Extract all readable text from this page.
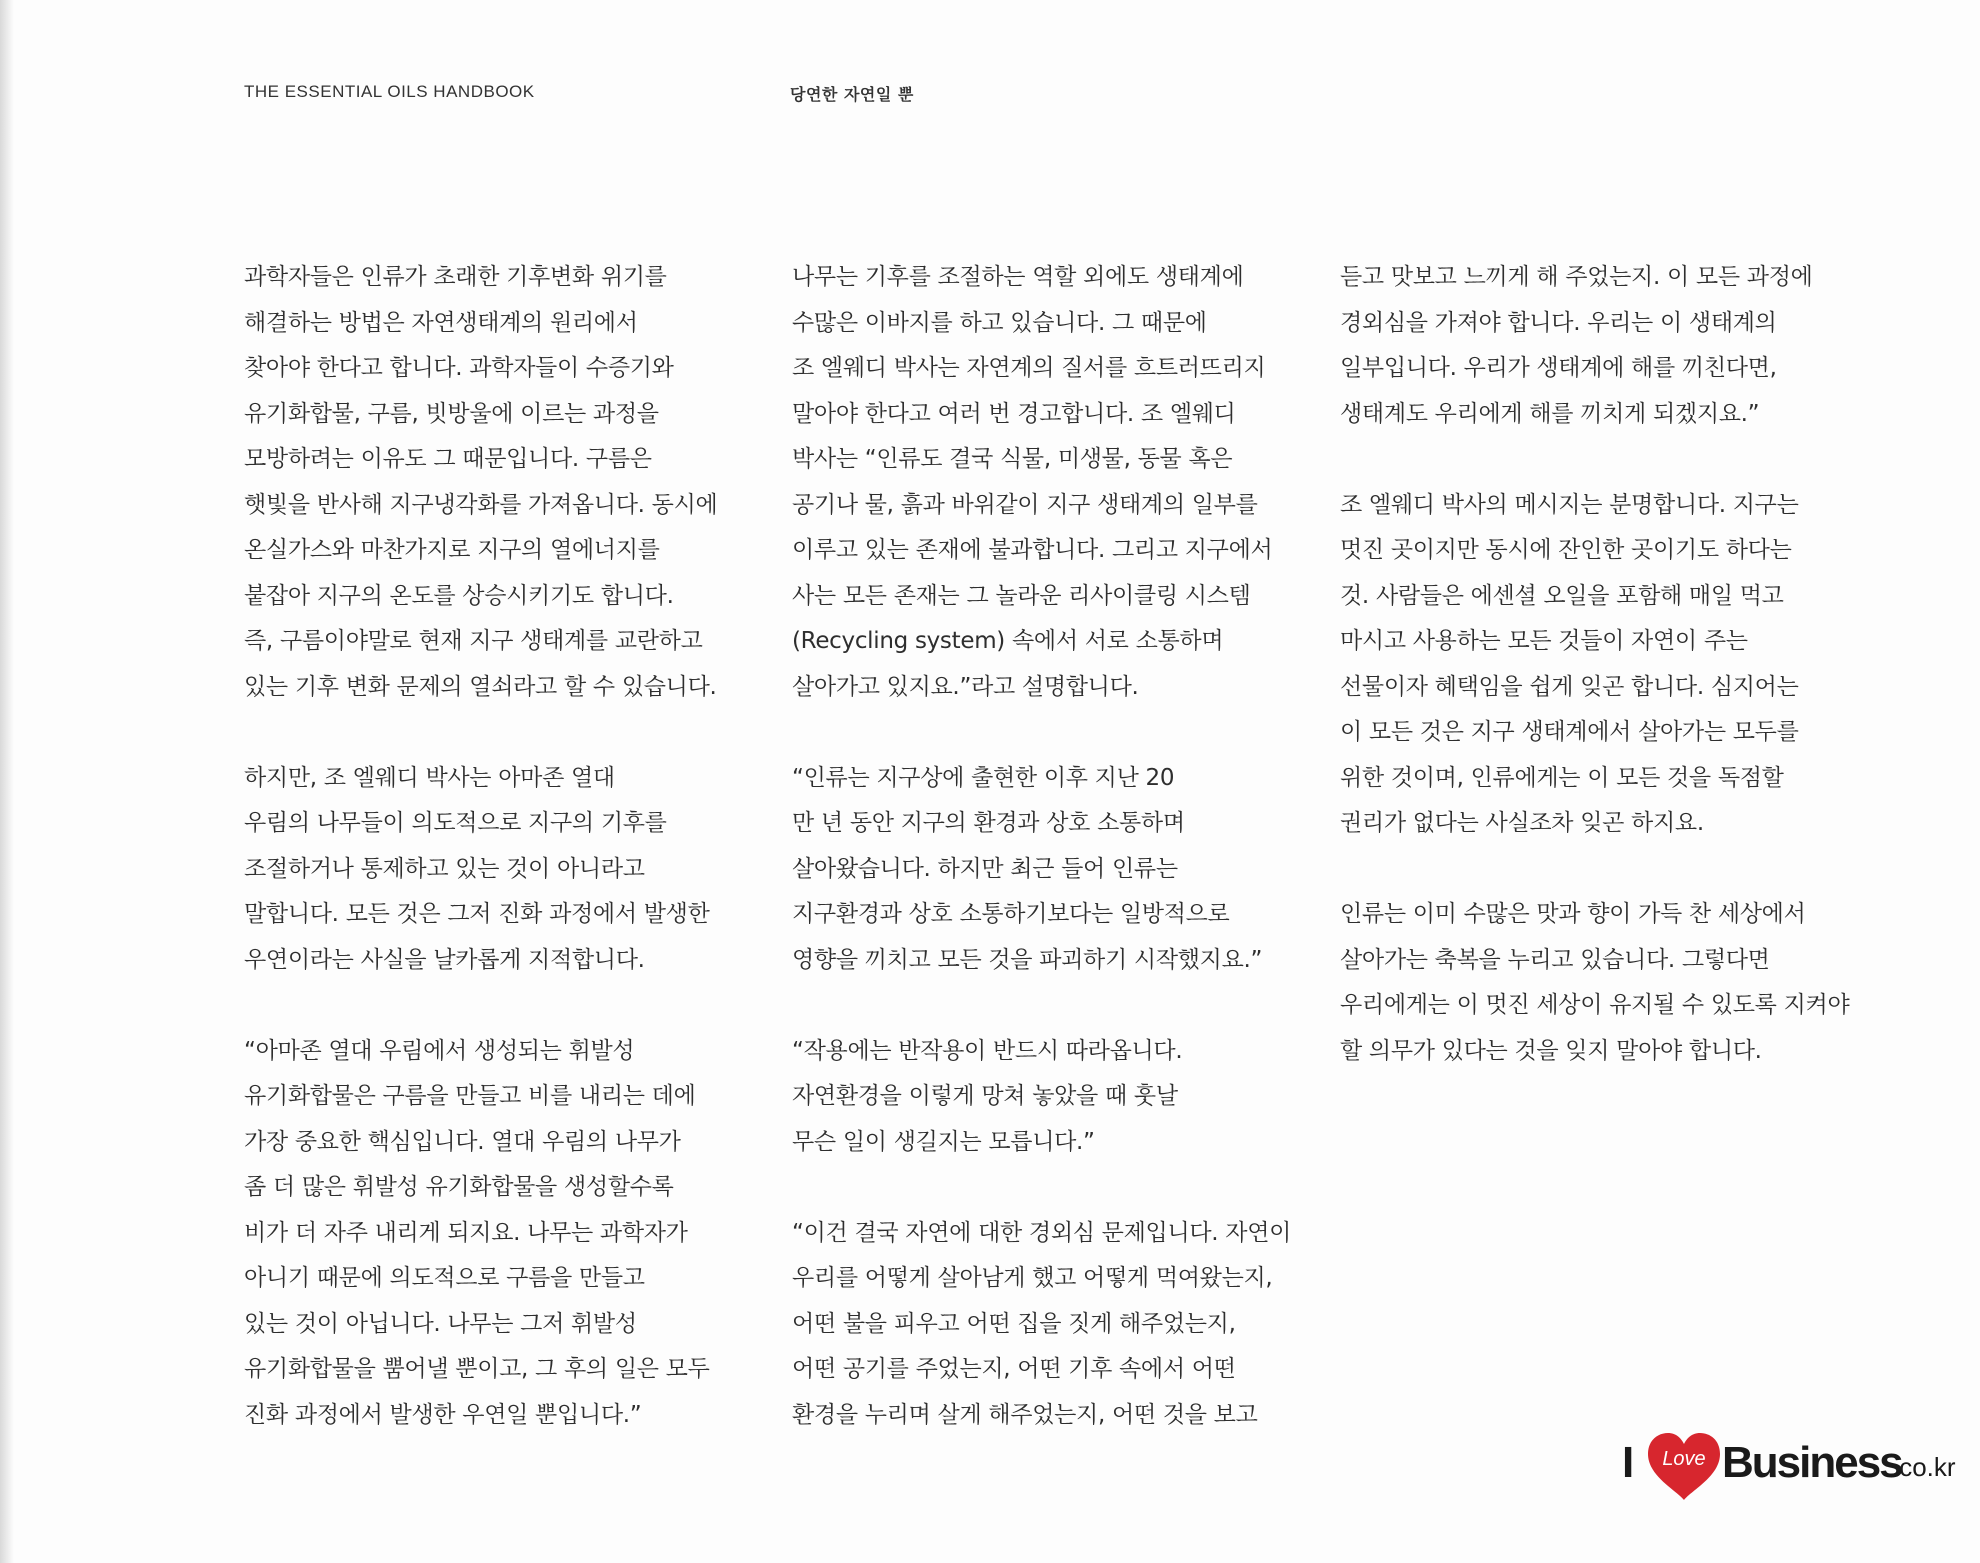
THE ESSENTIAL OILS HANDBOOK	당연한 자연일 뿐
과학자들은 인류가 초래한 기후변화 위기를
해결하는 방법은 자연생태계의 원리에서
찾아야 한다고 합니다. 과학자들이 수증기와
유기화합물, 구름, 빗방울에 이르는 과정을
모방하려는 이유도 그 때문입니다. 구름은
햇빛을 반사해 지구냉각화를 가져옵니다. 동시에
온실가스와 마찬가지로 지구의 열에너지를
붙잡아 지구의 온도를 상승시키기도 합니다.
즉, 구름이야말로 현재 지구 생태계를 교란하고
있는 기후 변화 문제의 열쇠라고 할 수 있습니다.
하지만, 조 엘웨디 박사는 아마존 열대
우림의 나무들이 의도적으로 지구의 기후를
조절하거나 통제하고 있는 것이 아니라고
말합니다. 모든 것은 그저 진화 과정에서 발생한
우연이라는 사실을 날카롭게 지적합니다.
“아마존 열대 우림에서 생성되는 휘발성
유기화합물은 구름을 만들고 비를 내리는 데에
가장 중요한 핵심입니다. 열대 우림의 나무가
좀 더 많은 휘발성 유기화합물을 생성할수록
비가 더 자주 내리게 되지요. 나무는 과학자가
아니기 때문에 의도적으로 구름을 만들고
있는 것이 아닙니다. 나무는 그저 휘발성
유기화합물을 뿜어낼 뿐이고, 그 후의 일은 모두
진화 과정에서 발생한 우연일 뿐입니다.”
나무는 기후를 조절하는 역할 외에도 생태계에
수많은 이바지를 하고 있습니다. 그 때문에
조 엘웨디 박사는 자연계의 질서를 흐트러뜨리지
말아야 한다고 여러 번 경고합니다. 조 엘웨디
박사는 “인류도 결국 식물, 미생물, 동물 혹은
공기나 물, 흙과 바위같이 지구 생태계의 일부를
이루고 있는 존재에 불과합니다. 그리고 지구에서
사는 모든 존재는 그 놀라운 리사이클링 시스템
(Recycling system) 속에서 서로 소통하며
살아가고 있지요.”라고 설명합니다.
“인류는 지구상에 출현한 이후 지난 20
만 년 동안 지구의 환경과 상호 소통하며
살아왔습니다. 하지만 최근 들어 인류는
지구환경과 상호 소통하기보다는 일방적으로
영향을 끼치고 모든 것을 파괴하기 시작했지요.”
“작용에는 반작용이 반드시 따라옵니다.
자연환경을 이렇게 망쳐 놓았을 때 훗날
무슨 일이 생길지는 모릅니다.”
“이건 결국 자연에 대한 경외심 문제입니다. 자연이
우리를 어떻게 살아남게 했고 어떻게 먹여왔는지,
어떤 불을 피우고 어떤 집을 짓게 해주었는지,
어떤 공기를 주었는지, 어떤 기후 속에서 어떤
환경을 누리며 살게 해주었는지, 어떤 것을 보고
듣고 맛보고 느끼게 해 주었는지. 이 모든 과정에
경외심을 가져야 합니다. 우리는 이 생태계의
일부입니다. 우리가 생태계에 해를 끼친다면,
생태계도 우리에게 해를 끼치게 되겠지요.”
조 엘웨디 박사의 메시지는 분명합니다. 지구는
멋진 곳이지만 동시에 잔인한 곳이기도 하다는
것. 사람들은 에센셜 오일을 포함해 매일 먹고
마시고 사용하는 모든 것들이 자연이 주는
선물이자 혜택임을 쉽게 잊곤 합니다. 심지어는
이 모든 것은 지구 생태계에서 살아가는 모두를
위한 것이며, 인류에게는 이 모든 것을 독점할
권리가 없다는 사실조차 잊곤 하지요.
인류는 이미 수많은 맛과 향이 가득 찬 세상에서
살아가는 축복을 누리고 있습니다. 그렇다면
우리에게는 이 멋진 세상이 유지될 수 있도록 지켜야
할 의무가 있다는 것을 잊지 말아야 합니다.
I	Love Business
.co.kr
